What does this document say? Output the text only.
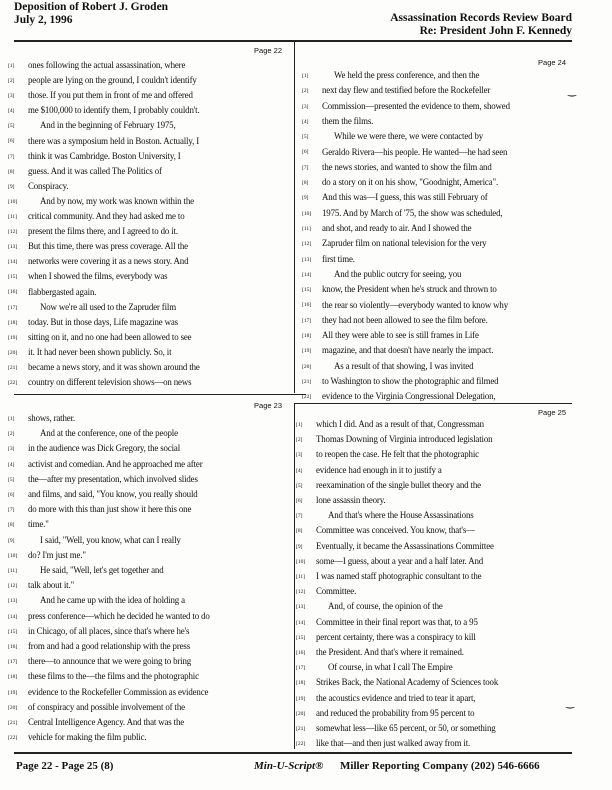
Deposition of Robert J. Groden
July 2, 1996	Assassination Records Review Board
Re: President John F. Kennedy
Page 22
[1] ones following the actual assassination, where
[2] people are lying on the ground, I couldn't identify
[3] those. If you put them in front of me and offered
[4] me $100,000 to identify them, I probably couldn't.
[5]	And in the beginning of February 1975,
[6] there was a symposium held in Boston. Actually, I
[7] think it was Cambridge. Boston University, I
[8] guess. And it was called The Politics of
[9] Conspiracy.
[10]	And by now, my work was known within the
[11] critical community. And they had asked me to
[12] present the films there, and I agreed to do it.
[13] But this time, there was press coverage. All the
[14] networks were covering it as a news story. And
[15] when I showed the films, everybody was
[16] flabbergasted again.
[17]	Now we're all used to the Zapruder film
[18] today. But in those days, Life magazine was
[19] sitting on it, and no one had been allowed to see
[20] it. It had never been shown publicly. So, it
[21] became a news story, and it was shown around the
[22] country on different television shows—on news
Page 24
[1]	We held the press conference, and then the
[2] next day flew and testified before the Rockefeller
[3] Commission—presented the evidence to them, showed
[4] them the films.
[5]	While we were there, we were contacted by
[6] Geraldo Rivera—his people. He wanted—he had seen
[7] the news stories, and wanted to show the film and
[8] do a story on it on his show, "Goodnight, America".
[9] And this was—I guess, this was still February of
[10] 1975. And by March of '75, the show was scheduled,
[11] and shot, and ready to air. And I showed the
[12] Zapruder film on national television for the very
[13] first time.
[14]	And the public outcry for seeing, you
[15] know, the President when he's struck and thrown to
[16] the rear so violently—everybody wanted to know why
[17] they had not been allowed to see the film before.
[18] All they were able to see is still frames in Life
[19] magazine, and that doesn't have nearly the impact.
[20]	As a result of that showing, I was invited
[21] to Washington to show the photographic and filmed
[22] evidence to the Virginia Congressional Delegation,
Page 23
[1] shows, rather.
[2]	And at the conference, one of the people
[3] in the audience was Dick Gregory, the social
[4] activist and comedian. And he approached me after
[5] the—after my presentation, which involved slides
[6] and films, and said, "You know, you really should
[7] do more with this than just show it here this one
[8] time."
[9]	I said, "Well, you know, what can I really
[10] do? I'm just me."
[11]	He said, "Well, let's get together and
[12] talk about it."
[13]	And he came up with the idea of holding a
[14] press conference—which he decided he wanted to do
[15] in Chicago, of all places, since that's where he's
[16] from and had a good relationship with the press
[17] there—to announce that we were going to bring
[18] these films to the—the films and the photographic
[19] evidence to the Rockefeller Commission as evidence
[20] of conspiracy and possible involvement of the
[21] Central Intelligence Agency. And that was the
[22] vehicle for making the film public.
Page 25
[1] which I did. And as a result of that, Congressman
[2] Thomas Downing of Virginia introduced legislation
[3] to reopen the case. He felt that the photographic
[4] evidence had enough in it to justify a
[5] reexamination of the single bullet theory and the
[6] lone assassin theory.
[7]	And that's where the House Assassinations
[8] Committee was conceived. You know, that's—
[9] Eventually, it became the Assassinations Committee
[10] some—I guess, about a year and a half later. And
[11] I was named staff photographic consultant to the
[12] Committee.
[13]	And, of course, the opinion of the
[14] Committee in their final report was that, to a 95
[15] percent certainty, there was a conspiracy to kill
[16] the President. And that's where it remained.
[17]	Of course, in what I call The Empire
[18] Strikes Back, the National Academy of Sciences took
[19] the acoustics evidence and tried to tear it apart,
[20] and reduced the probability from 95 percent to
[21] somewhat less—like 65 percent, or 50, or something
[22] like that—and then just walked away from it.
‿
‿
Page 22 - Page 25 (8)	Min-U-Script® Miller Reporting Company (202) 546-6666
